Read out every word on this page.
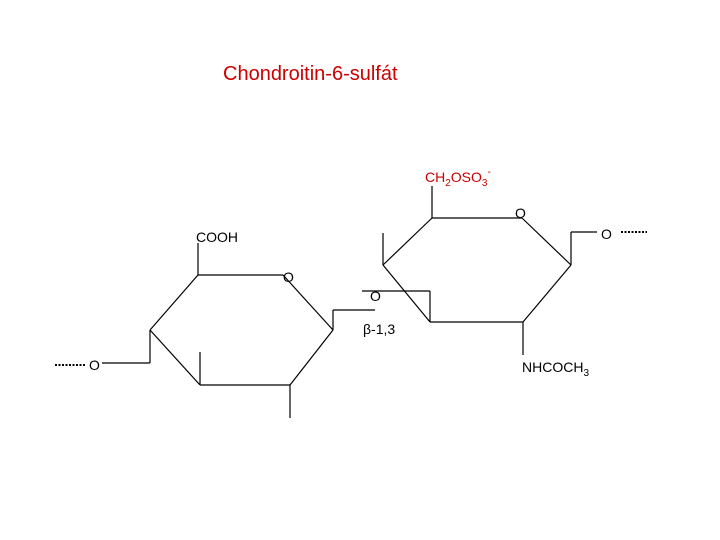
Chondroitin-6-sulfát
COOH
O
O
β-1,3
O
O
O
$CH_2OSO_3^-$
$NHCOCH_3$
